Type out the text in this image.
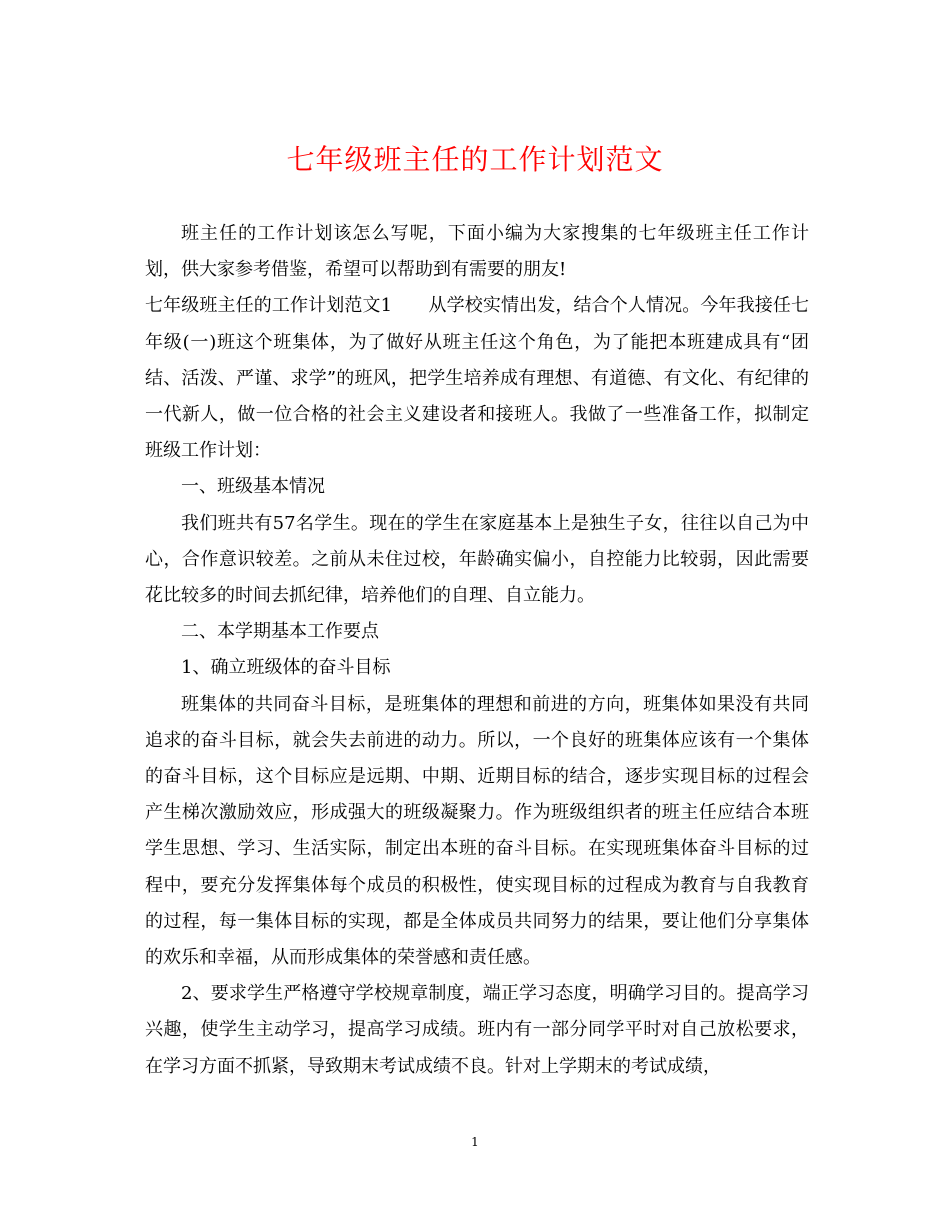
七年级班主任的工作计划范文

班主任的工作计划该怎么写呢，下面小编为大家搜集的七年级班主任工作计划，供大家参考借鉴，希望可以帮助到有需要的朋友!

七年级班主任的工作计划范文1　　从学校实情出发，结合个人情况。今年我接任七年级(一)班这个班集体，为了做好从班主任这个角色，为了能把本班建成具有“团结、活泼、严谨、求学”的班风，把学生培养成有理想、有道德、有文化、有纪律的一代新人，做一位合格的社会主义建设者和接班人。我做了一些准备工作，拟制定班级工作计划：

一、班级基本情况

我们班共有57名学生。现在的学生在家庭基本上是独生子女，往往以自己为中心，合作意识较差。之前从未住过校，年龄确实偏小，自控能力比较弱，因此需要花比较多的时间去抓纪律，培养他们的自理、自立能力。

二、本学期基本工作要点

1、确立班级体的奋斗目标

班集体的共同奋斗目标，是班集体的理想和前进的方向，班集体如果没有共同追求的奋斗目标，就会失去前进的动力。所以，一个良好的班集体应该有一个集体的奋斗目标，这个目标应是远期、中期、近期目标的结合，逐步实现目标的过程会产生梯次激励效应，形成强大的班级凝聚力。作为班级组织者的班主任应结合本班学生思想、学习、生活实际，制定出本班的奋斗目标。在实现班集体奋斗目标的过程中，要充分发挥集体每个成员的积极性，使实现目标的过程成为教育与自我教育的过程，每一集体目标的实现，都是全体成员共同努力的结果，要让他们分享集体的欢乐和幸福，从而形成集体的荣誉感和责任感。

2、要求学生严格遵守学校规章制度，端正学习态度，明确学习目的。提高学习兴趣，使学生主动学习，提高学习成绩。班内有一部分同学平时对自己放松要求，在学习方面不抓紧，导致期末考试成绩不良。针对上学期末的考试成绩，

1
